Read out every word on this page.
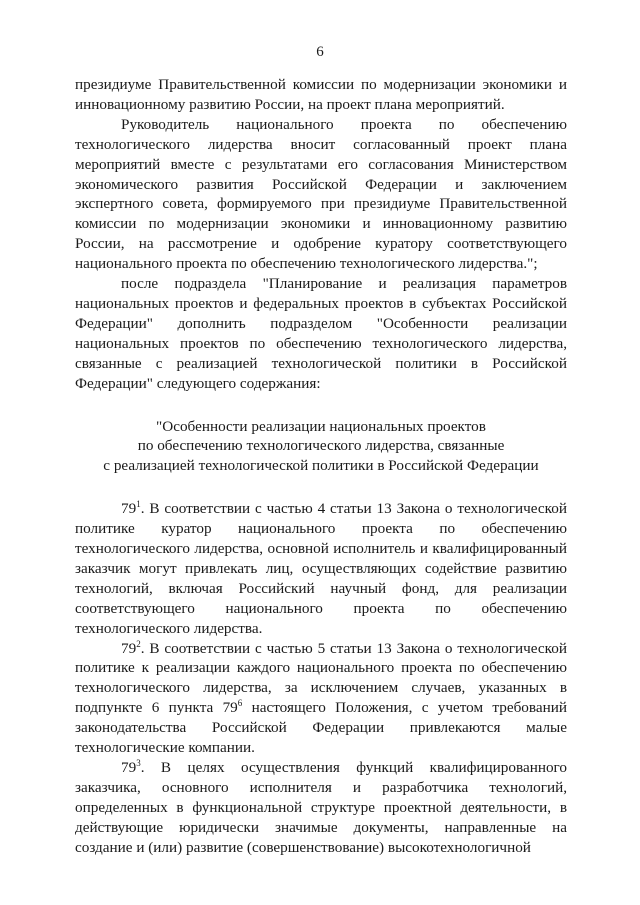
6

президиуме Правительственной комиссии по модернизации экономики и инновационному развитию России, на проект плана мероприятий.

Руководитель национального проекта по обеспечению технологического лидерства вносит согласованный проект плана мероприятий вместе с результатами его согласования Министерством экономического развития Российской Федерации и заключением экспертного совета, формируемого при президиуме Правительственной комиссии по модернизации экономики и инновационному развитию России, на рассмотрение и одобрение куратору соответствующего национального проекта по обеспечению технологического лидерства.";

после подраздела "Планирование и реализация параметров национальных проектов и федеральных проектов в субъектах Российской Федерации" дополнить подразделом "Особенности реализации национальных проектов по обеспечению технологического лидерства, связанные с реализацией технологической политики в Российской Федерации" следующего содержания:

"Особенности реализации национальных проектов
по обеспечению технологического лидерства, связанные
с реализацией технологической политики в Российской Федерации

$79^1$. В соответствии с частью 4 статьи 13 Закона о технологической политике куратор национального проекта по обеспечению технологического лидерства, основной исполнитель и квалифицированный заказчик могут привлекать лиц, осуществляющих содействие развитию технологий, включая Российский научный фонд, для реализации соответствующего национального проекта по обеспечению технологического лидерства.

$79^2$. В соответствии с частью 5 статьи 13 Закона о технологической политике к реализации каждого национального проекта по обеспечению технологического лидерства, за исключением случаев, указанных в подпункте 6 пункта $79^6$ настоящего Положения, с учетом требований законодательства Российской Федерации привлекаются малые технологические компании.

$79^3$. В целях осуществления функций квалифицированного заказчика, основного исполнителя и разработчика технологий, определенных в функциональной структуре проектной деятельности, в действующие юридически значимые документы, направленные на создание и (или) развитие (совершенствование) высокотехнологичной
